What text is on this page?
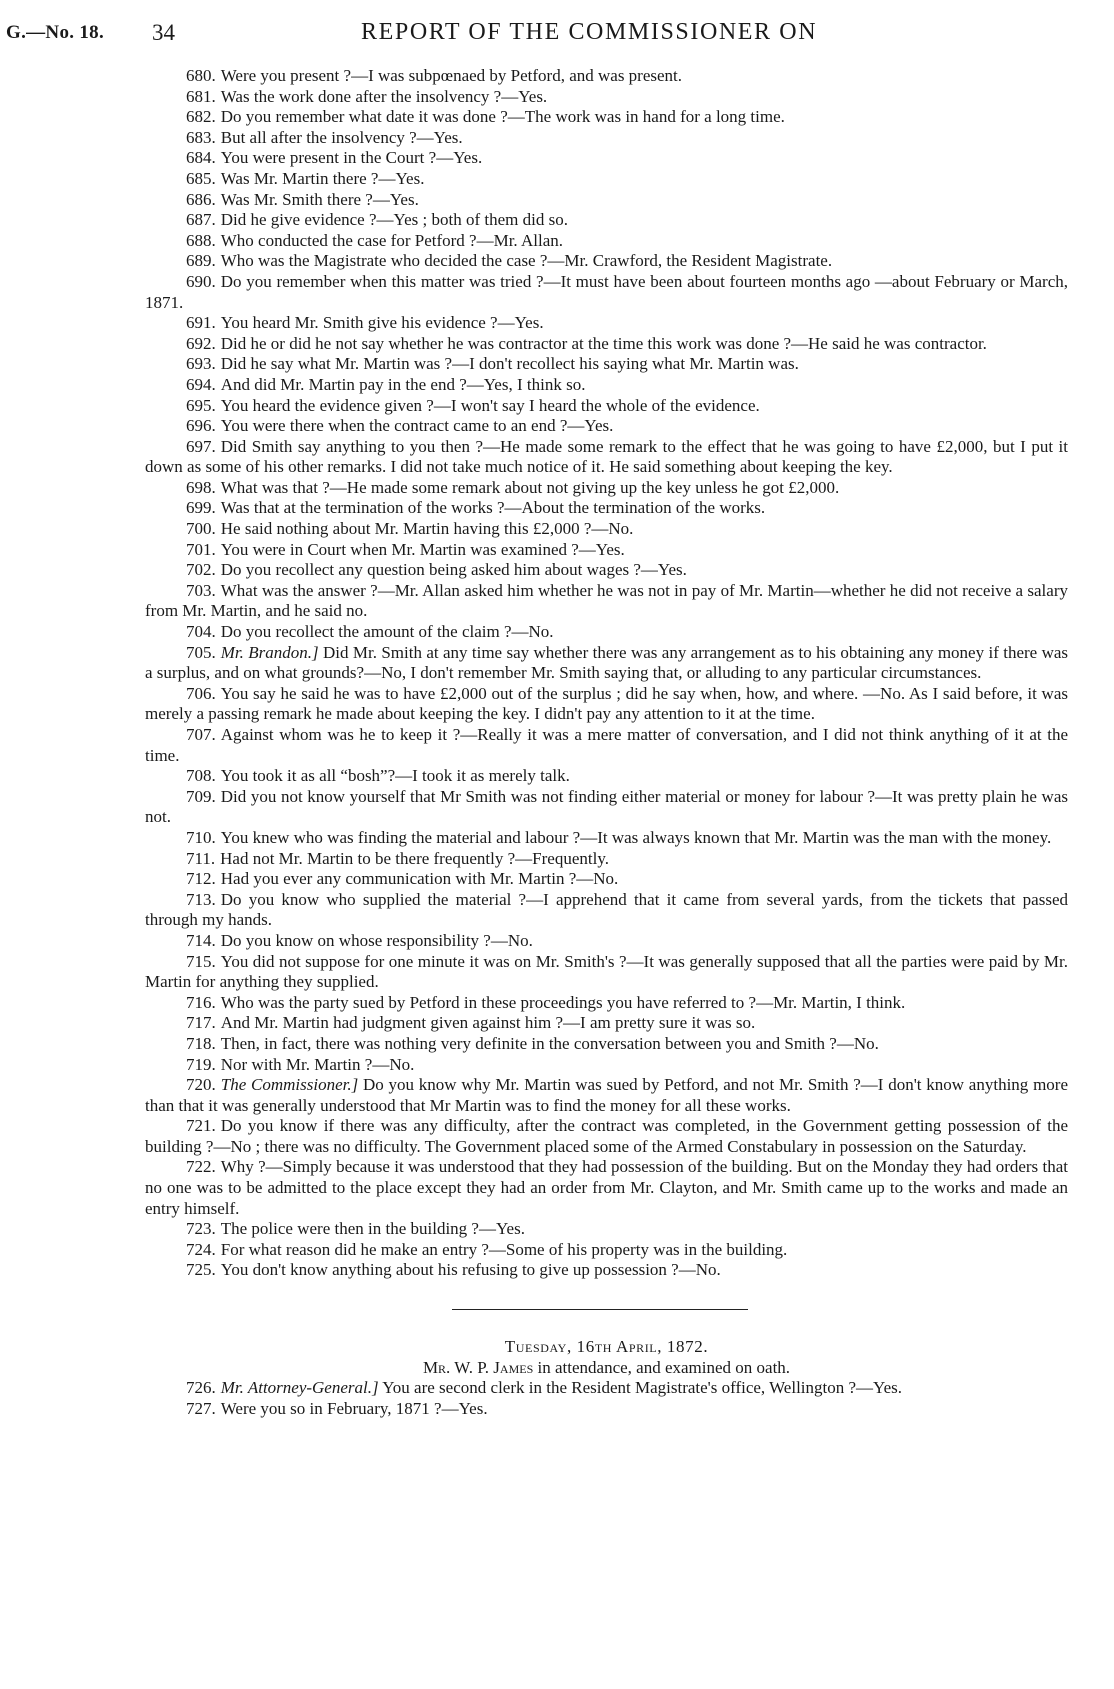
G.—No. 18. 34	REPORT OF THE COMMISSIONER ON

680. Were you present ?—I was subpœnaed by Petford, and was present.

681. Was the work done after the insolvency ?—Yes.

682. Do you remember what date it was done ?—The work was in hand for a long time.

683. But all after the insolvency ?—Yes.

684. You were present in the Court ?—Yes.

685. Was Mr. Martin there ?—Yes.

686. Was Mr. Smith there ?—Yes.

687. Did he give evidence ?—Yes ; both of them did so.

688. Who conducted the case for Petford ?—Mr. Allan.

689. Who was the Magistrate who decided the case ?—Mr. Crawford, the Resident Magistrate.

690. Do you remember when this matter was tried ?—It must have been about fourteen months ago —about February or March, 1871.

691. You heard Mr. Smith give his evidence ?—Yes.

692. Did he or did he not say whether he was contractor at the time this work was done ?—He said he was contractor.

693. Did he say what Mr. Martin was ?—I don't recollect his saying what Mr. Martin was.

694. And did Mr. Martin pay in the end ?—Yes, I think so.

695. You heard the evidence given ?—I won't say I heard the whole of the evidence.

696. You were there when the contract came to an end ?—Yes.

697. Did Smith say anything to you then ?—He made some remark to the effect that he was going to have £2,000, but I put it down as some of his other remarks. I did not take much notice of it. He said something about keeping the key.

698. What was that ?—He made some remark about not giving up the key unless he got £2,000.

699. Was that at the termination of the works ?—About the termination of the works.

700. He said nothing about Mr. Martin having this £2,000 ?—No.

701. You were in Court when Mr. Martin was examined ?—Yes.

702. Do you recollect any question being asked him about wages ?—Yes.

703. What was the answer ?—Mr. Allan asked him whether he was not in pay of Mr. Martin—whether he did not receive a salary from Mr. Martin, and he said no.

704. Do you recollect the amount of the claim ?—No.

705. Mr. Brandon.] Did Mr. Smith at any time say whether there was any arrangement as to his obtaining any money if there was a surplus, and on what grounds?—No, I don't remember Mr. Smith saying that, or alluding to any particular circumstances.

706. You say he said he was to have £2,000 out of the surplus ; did he say when, how, and where. —No. As I said before, it was merely a passing remark he made about keeping the key. I didn't pay any attention to it at the time.

707. Against whom was he to keep it ?—Really it was a mere matter of conversation, and I did not think anything of it at the time.

708. You took it as all “bosh”?—I took it as merely talk.

709. Did you not know yourself that Mr Smith was not finding either material or money for labour ?—It was pretty plain he was not.

710. You knew who was finding the material and labour ?—It was always known that Mr. Martin was the man with the money.

711. Had not Mr. Martin to be there frequently ?—Frequently.

712. Had you ever any communication with Mr. Martin ?—No.

713. Do you know who supplied the material ?—I apprehend that it came from several yards, from the tickets that passed through my hands.

714. Do you know on whose responsibility ?—No.

715. You did not suppose for one minute it was on Mr. Smith's ?—It was generally supposed that all the parties were paid by Mr. Martin for anything they supplied.

716. Who was the party sued by Petford in these proceedings you have referred to ?—Mr. Martin, I think.

717. And Mr. Martin had judgment given against him ?—I am pretty sure it was so.

718. Then, in fact, there was nothing very definite in the conversation between you and Smith ?—No.

719. Nor with Mr. Martin ?—No.

720. The Commissioner.] Do you know why Mr. Martin was sued by Petford, and not Mr. Smith ?—I don't know anything more than that it was generally understood that Mr Martin was to find the money for all these works.

721. Do you know if there was any difficulty, after the contract was completed, in the Government getting possession of the building ?—No ; there was no difficulty. The Government placed some of the Armed Constabulary in possession on the Saturday.

722. Why ?—Simply because it was understood that they had possession of the building. But on the Monday they had orders that no one was to be admitted to the place except they had an order from Mr. Clayton, and Mr. Smith came up to the works and made an entry himself.

723. The police were then in the building ?—Yes.

724. For what reason did he make an entry ?—Some of his property was in the building.

725. You don't know anything about his refusing to give up possession ?—No.

Tuesday, 16th April, 1872.

Mr. W. P. James in attendance, and examined on oath.

726. Mr. Attorney-General.] You are second clerk in the Resident Magistrate's office, Wellington ?—Yes.

727. Were you so in February, 1871 ?—Yes.
